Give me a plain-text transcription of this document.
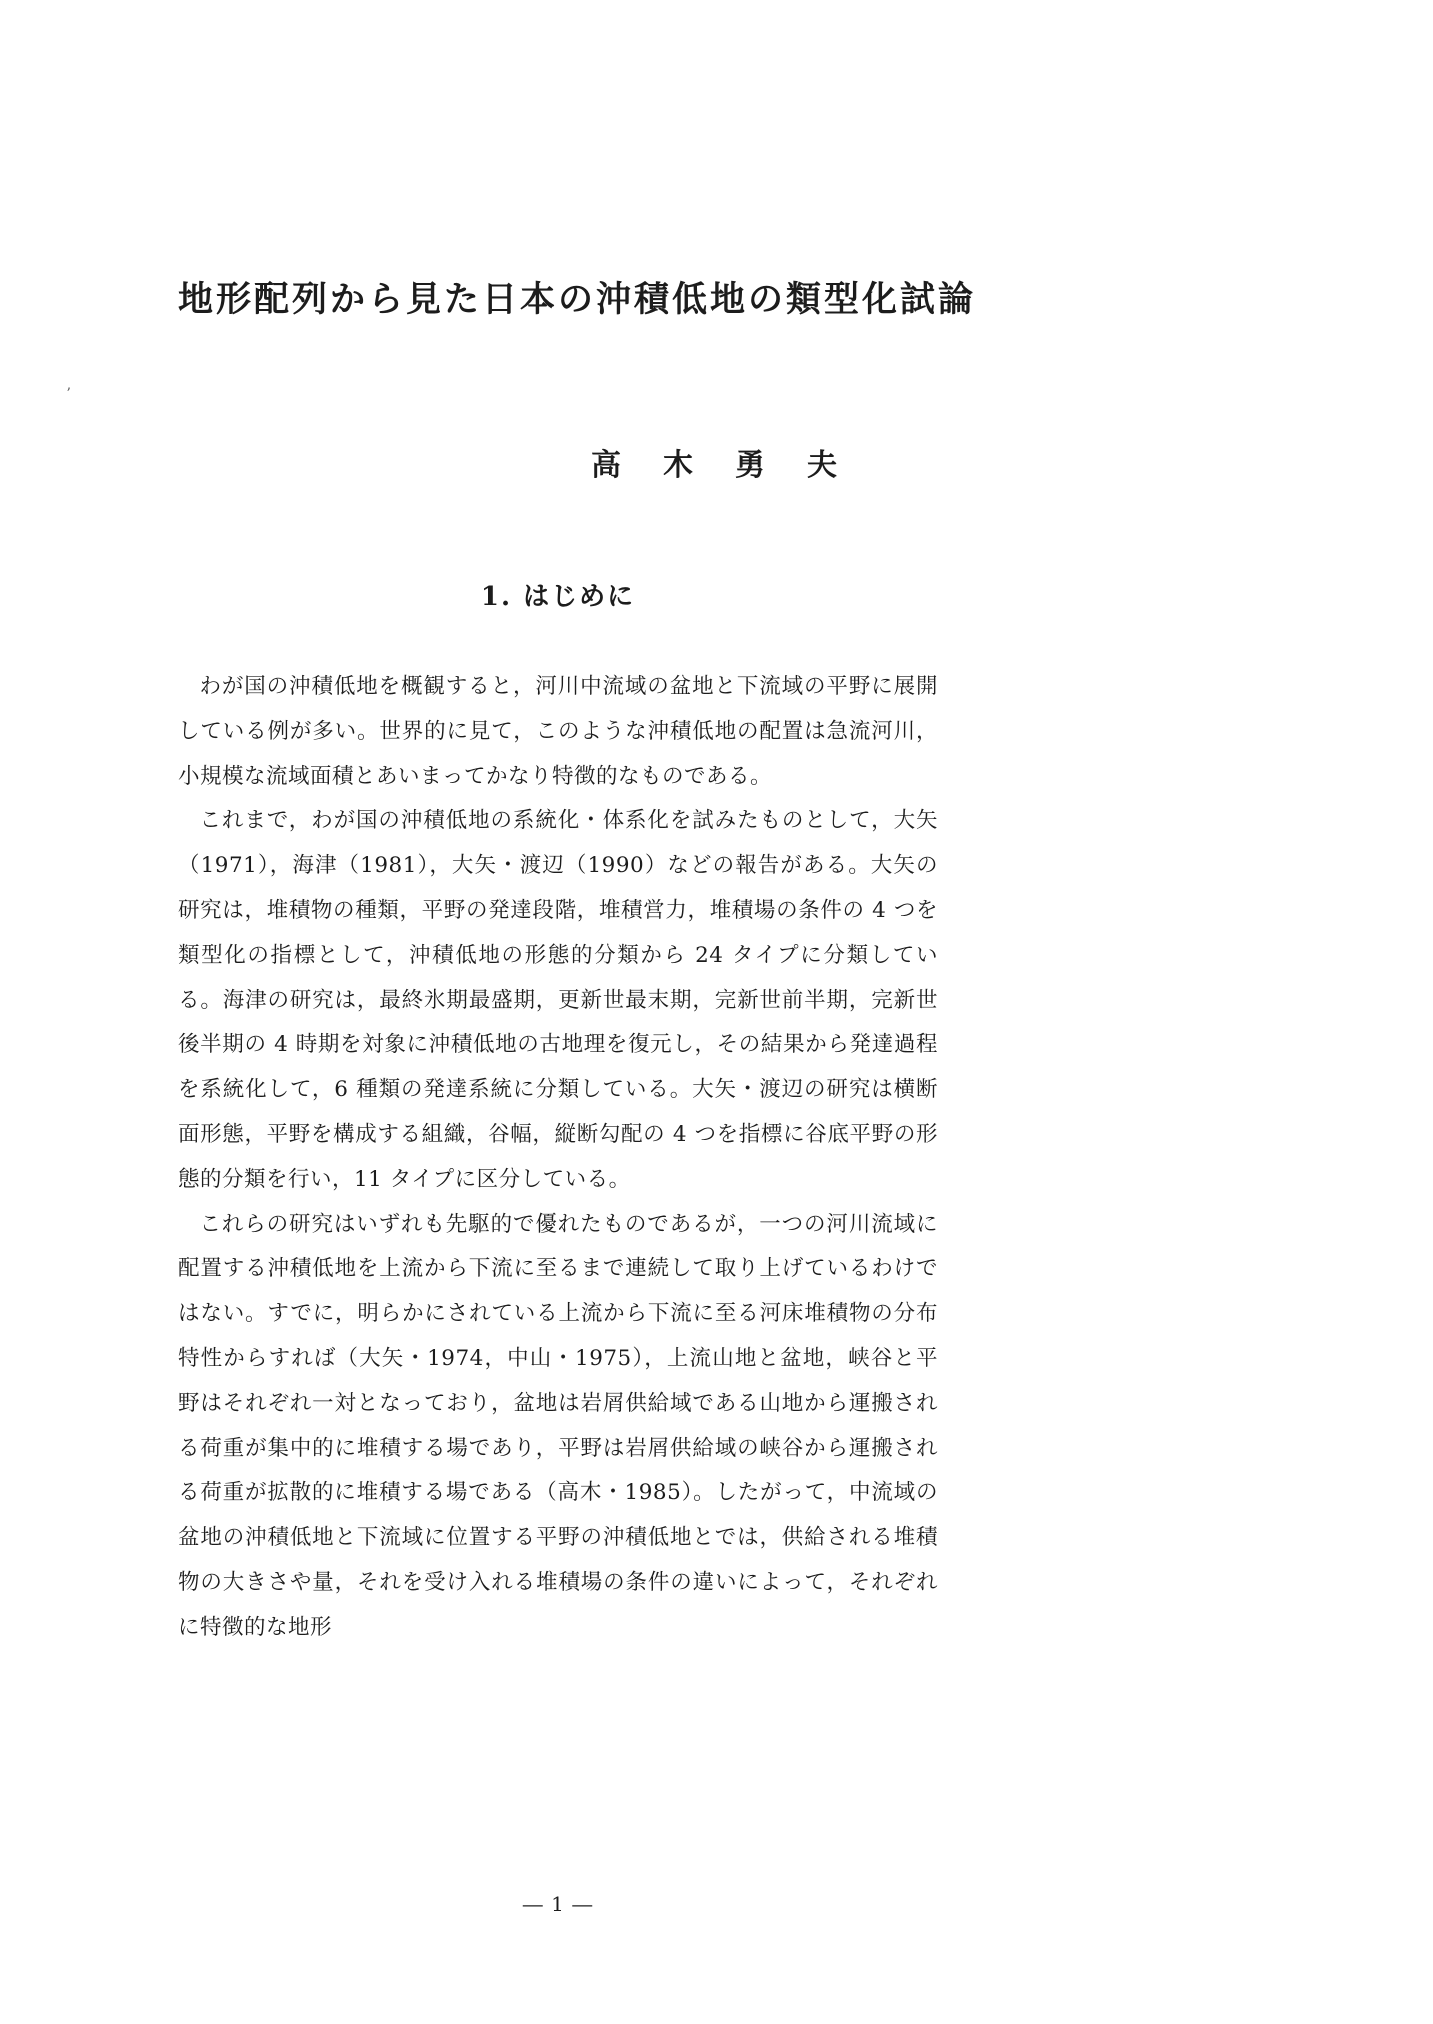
ʼ
地形配列から見た日本の沖積低地の類型化試論
高　木　勇　夫
1. はじめに

わが国の沖積低地を概観すると，河川中流域の盆地と下流域の平野に展開している例が多い。世界的に見て，このような沖積低地の配置は急流河川，小規模な流域面積とあいまってかなり特徴的なものである。

これまで，わが国の沖積低地の系統化・体系化を試みたものとして，大矢（1971），海津（1981），大矢・渡辺（1990）などの報告がある。大矢の研究は，堆積物の種類，平野の発達段階，堆積営力，堆積場の条件の 4 つを類型化の指標として，沖積低地の形態的分類から 24 タイプに分類している。海津の研究は，最終氷期最盛期，更新世最末期，完新世前半期，完新世後半期の 4 時期を対象に沖積低地の古地理を復元し，その結果から発達過程を系統化して，6 種類の発達系統に分類している。大矢・渡辺の研究は横断面形態，平野を構成する組織，谷幅，縦断勾配の 4 つを指標に谷底平野の形態的分類を行い，11 タイプに区分している。

これらの研究はいずれも先駆的で優れたものであるが，一つの河川流域に配置する沖積低地を上流から下流に至るまで連続して取り上げているわけではない。すでに，明らかにされている上流から下流に至る河床堆積物の分布特性からすれば（大矢・1974，中山・1975），上流山地と盆地，峡谷と平野はそれぞれ一対となっており，盆地は岩屑供給域である山地から運搬される荷重が集中的に堆積する場であり，平野は岩屑供給域の峡谷から運搬される荷重が拡散的に堆積する場である（高木・1985）。したがって，中流域の盆地の沖積低地と下流域に位置する平野の沖積低地とでは，供給される堆積物の大きさや量，それを受け入れる堆積場の条件の違いによって，それぞれに特徴的な地形

― 1 ―
